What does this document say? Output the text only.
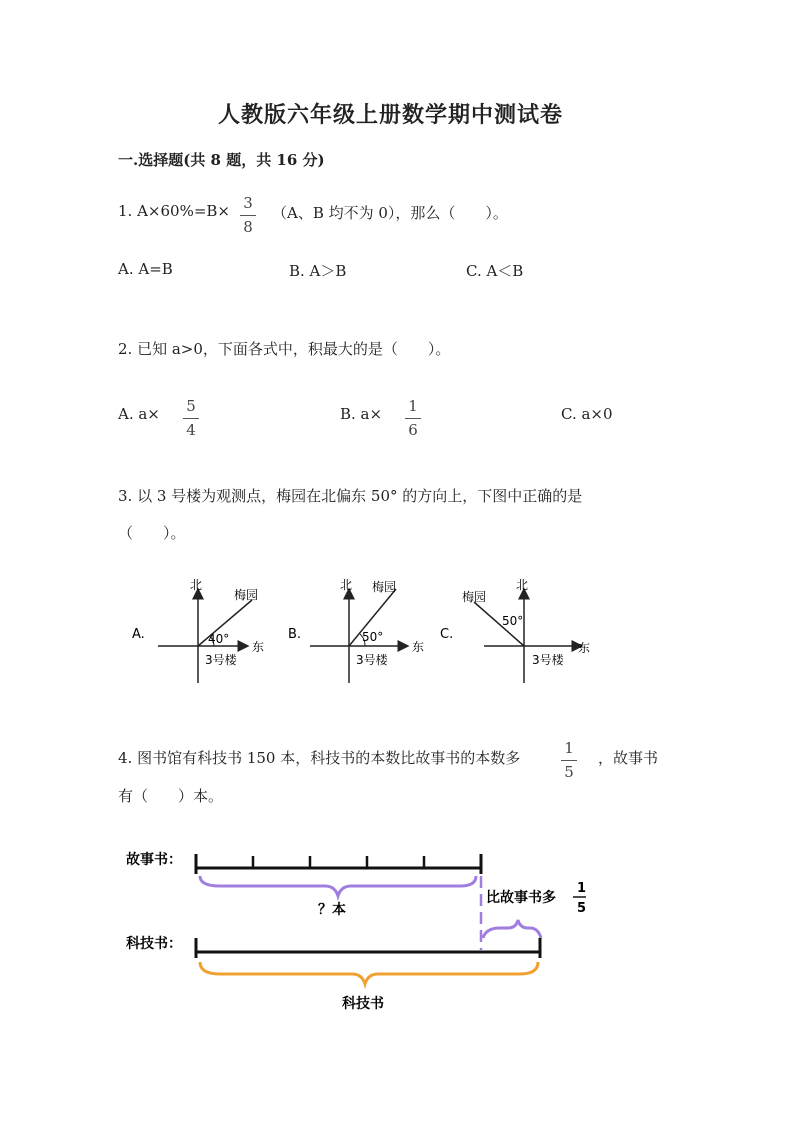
人教版六年级上册数学期中测试卷
一.选择题(共 8 题，共 16 分)
1. A×60%=B× 3
8
（A、B 均不为 0），那么（　　）。
A. A=B	B. A＞B	C. A＜B
2. 已知 a>0，下面各式中，积最大的是（　　）。
A. a× 5
4
B. a× 1
6
C. a×0
3. 以 3 号楼为观测点，梅园在北偏东 50° 的方向上，下图中正确的是
（　　）。
A.
北
梅园
40°
东
3号楼
B.
北 梅园
50°
东
3号楼
C.
北
梅园
50°
东
3号楼
4. 图书馆有科技书 150 本，科技书的本数比故事书的本数多
1
5
，故事书
有（　　）本。
故事书：
？本
比故事书多
1
5
科技书：
科技书
